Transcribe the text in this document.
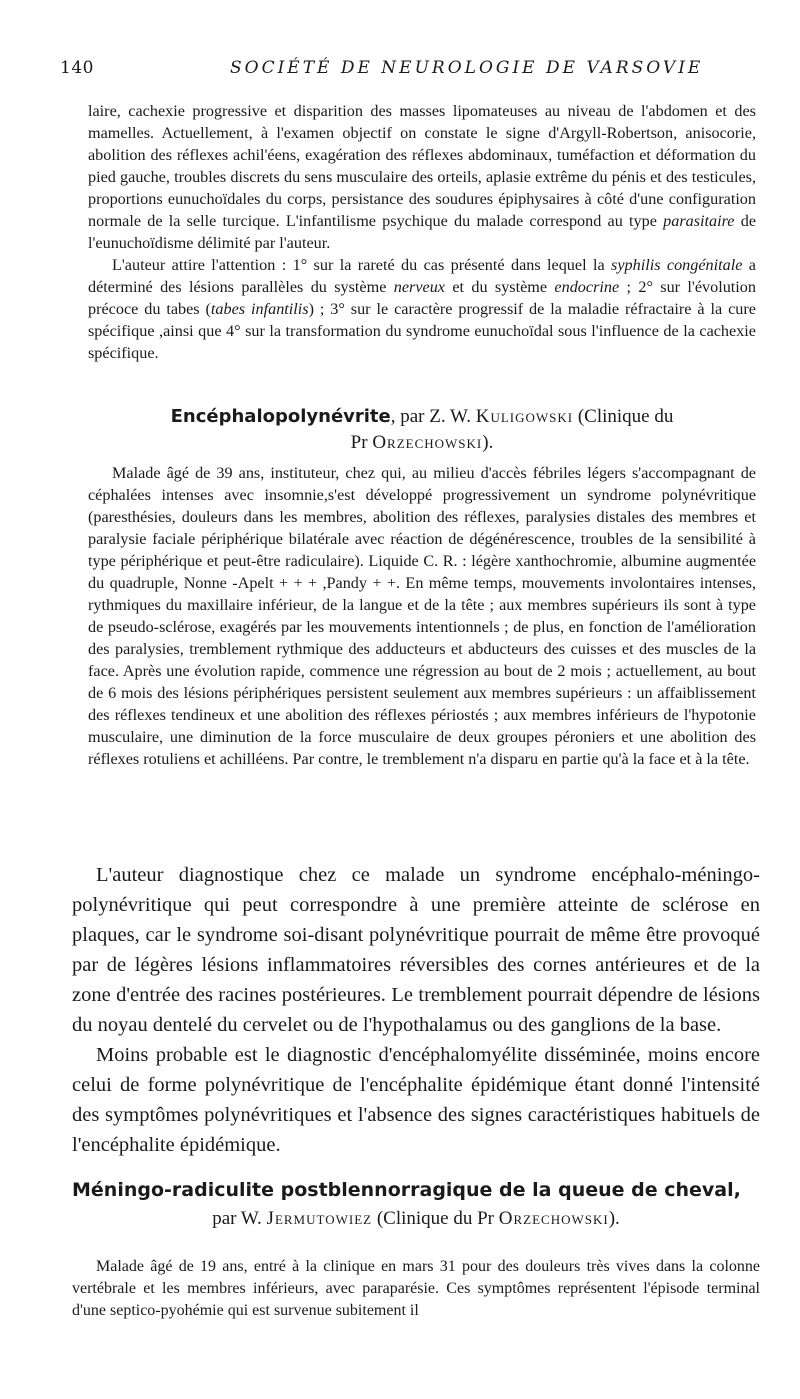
140	SOCIÉTÉ DE NEUROLOGIE DE VARSOVIE

laire, cachexie progressive et disparition des masses lipomateuses au niveau de l'abdomen et des mamelles. Actuellement, à l'examen objectif on constate le signe d'Argyll-Robertson, anisocorie, abolition des réflexes achil'éens, exagération des réflexes abdominaux, tuméfaction et déformation du pied gauche, troubles discrets du sens musculaire des orteils, aplasie extrême du pénis et des testicules, proportions eunuchoïdales du corps, persistance des soudures épiphysaires à côté d'une configuration normale de la selle turcique. L'infantilisme psychique du malade correspond au type parasitaire de l'eunuchoïdisme délimité par l'auteur.

L'auteur attire l'attention : 1° sur la rareté du cas présenté dans lequel la syphilis congénitale a déterminé des lésions parallèles du système nerveux et du système endocrine ; 2° sur l'évolution précoce du tabes (tabes infantilis) ; 3° sur le caractère progressif de la maladie réfractaire à la cure spécifique ,ainsi que 4° sur la transformation du syndrome eunuchoïdal sous l'influence de la cachexie spécifique.

Encéphalopolynévrite, par Z. W. Kuligowski (Clinique du
Pr Orzechowski).

Malade âgé de 39 ans, instituteur, chez qui, au milieu d'accès fébriles légers s'accompagnant de céphalées intenses avec insomnie,s'est développé progressivement un syndrome polynévritique (paresthésies, douleurs dans les membres, abolition des réflexes, paralysies distales des membres et paralysie faciale périphérique bilatérale avec réaction de dégénérescence, troubles de la sensibilité à type périphérique et peut-être radiculaire). Liquide C. R. : légère xanthochromie, albumine augmentée du quadruple, Nonne -Apelt + + + ,Pandy + +. En même temps, mouvements involontaires intenses, rythmiques du maxillaire inférieur, de la langue et de la tête ; aux membres supérieurs ils sont à type de pseudo-sclérose, exagérés par les mouvements intentionnels ; de plus, en fonction de l'amélioration des paralysies, tremblement rythmique des adducteurs et abducteurs des cuisses et des muscles de la face. Après une évolution rapide, commence une régression au bout de 2 mois ; actuellement, au bout de 6 mois des lésions périphériques persistent seulement aux membres supérieurs : un affaiblissement des réflexes tendineux et une abolition des réflexes périostés ; aux membres inférieurs de l'hypotonie musculaire, une diminution de la force musculaire de deux groupes péroniers et une abolition des réflexes rotuliens et achilléens. Par contre, le tremblement n'a disparu en partie qu'à la face et à la tête.

L'auteur diagnostique chez ce malade un syndrome encéphalo-méningo-polynévritique qui peut correspondre à une première atteinte de sclérose en plaques, car le syndrome soi-disant polynévritique pourrait de même être provoqué par de légères lésions inflammatoires réversibles des cornes antérieures et de la zone d'entrée des racines postérieures. Le tremblement pourrait dépendre de lésions du noyau dentelé du cervelet ou de l'hypothalamus ou des ganglions de la base.

Moins probable est le diagnostic d'encéphalomyélite disséminée, moins encore celui de forme polynévritique de l'encéphalite épidémique étant donné l'intensité des symptômes polynévritiques et l'absence des signes caractéristiques habituels de l'encéphalite épidémique.

Méningo-radiculite postblennorragique de la queue de cheval,
par W. Jermutowiez (Clinique du Pr Orzechowski).

Malade âgé de 19 ans, entré à la clinique en mars 31 pour des douleurs très vives dans la colonne vertébrale et les membres inférieurs, avec paraparésie. Ces symptômes représentent l'épisode terminal d'une septico-pyohémie qui est survenue subitement il
